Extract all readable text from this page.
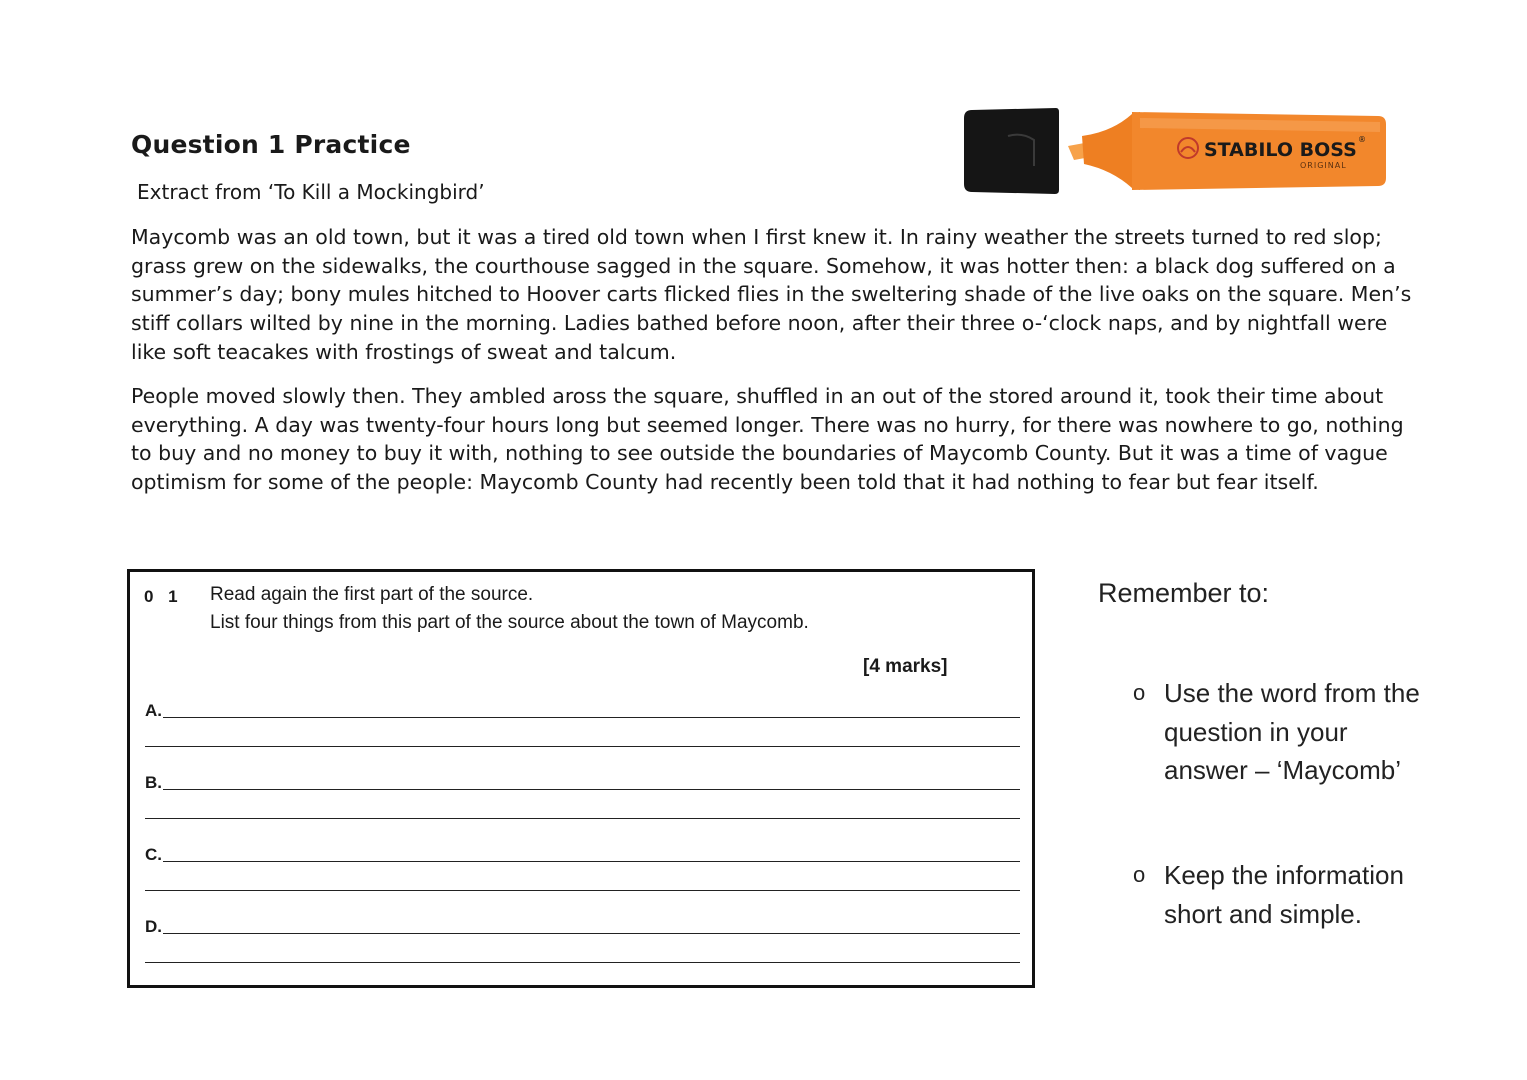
Question 1 Practice
Extract from ‘To Kill a Mockingbird’
STABILO BOSS ®
ORIGINAL

Maycomb was an old town, but it was a tired old town when I first knew it. In rainy weather the streets turned to red slop; grass grew on the sidewalks, the courthouse sagged in the square. Somehow, it was hotter then: a black dog suffered on a summer’s day; bony mules hitched to Hoover carts flicked flies in the sweltering shade of the live oaks on the square. Men’s stiff collars wilted by nine in the morning. Ladies bathed before noon, after their three o-‘clock naps, and by nightfall were like soft teacakes with frostings of sweat and talcum.

People moved slowly then. They ambled aross the square, shuffled in an out of the stored around it, took their time about everything. A day was twenty-four hours long but seemed longer. There was no hurry, for there was nowhere to go, nothing to buy and no money to buy it with, nothing to see outside the boundaries of Maycomb County. But it was a time of vague optimism for some of the people: Maycomb County had recently been told that it had nothing to fear but fear itself.

0 1 Read again the first part of the source.
List four things from this part of the source about the town of Maycomb.
[4 marks]
A.
B.
C.
D.
Remember to:
o Use the word from the question in your answer – ‘Maycomb’
o Keep the information short and simple.
